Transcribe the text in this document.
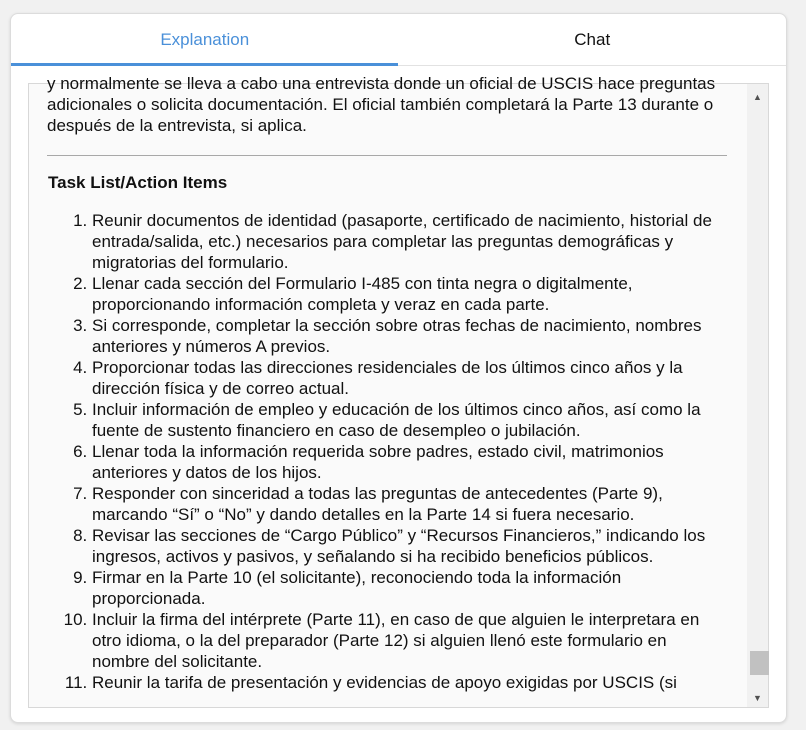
Explanation	Chat

y normalmente se lleva a cabo una entrevista donde un oficial de USCIS hace preguntas adicionales o solicita documentación. El oficial también completará la Parte 13 durante o después de la entrevista, si aplica.

Task List/Action Items
1. Reunir documentos de identidad (pasaporte, certificado de nacimiento, historial de entrada/salida, etc.) necesarios para completar las preguntas demográficas y migratorias del formulario.
2. Llenar cada sección del Formulario I-485 con tinta negra o digitalmente, proporcionando información completa y veraz en cada parte.
3. Si corresponde, completar la sección sobre otras fechas de nacimiento, nombres anteriores y números A previos.
4. Proporcionar todas las direcciones residenciales de los últimos cinco años y la dirección física y de correo actual.
5. Incluir información de empleo y educación de los últimos cinco años, así como la fuente de sustento financiero en caso de desempleo o jubilación.
6. Llenar toda la información requerida sobre padres, estado civil, matrimonios anteriores y datos de los hijos.
7. Responder con sinceridad a todas las preguntas de antecedentes (Parte 9), marcando “Sí” o “No” y dando detalles en la Parte 14 si fuera necesario.
8. Revisar las secciones de “Cargo Público” y “Recursos Financieros,” indicando los ingresos, activos y pasivos, y señalando si ha recibido beneficios públicos.
9. Firmar en la Parte 10 (el solicitante), reconociendo toda la información proporcionada.
10. Incluir la firma del intérprete (Parte 11), en caso de que alguien le interpretara en otro idioma, o la del preparador (Parte 12) si alguien llenó este formulario en nombre del solicitante.
11. Reunir la tarifa de presentación y evidencias de apoyo exigidas por USCIS (si
▲
▼
